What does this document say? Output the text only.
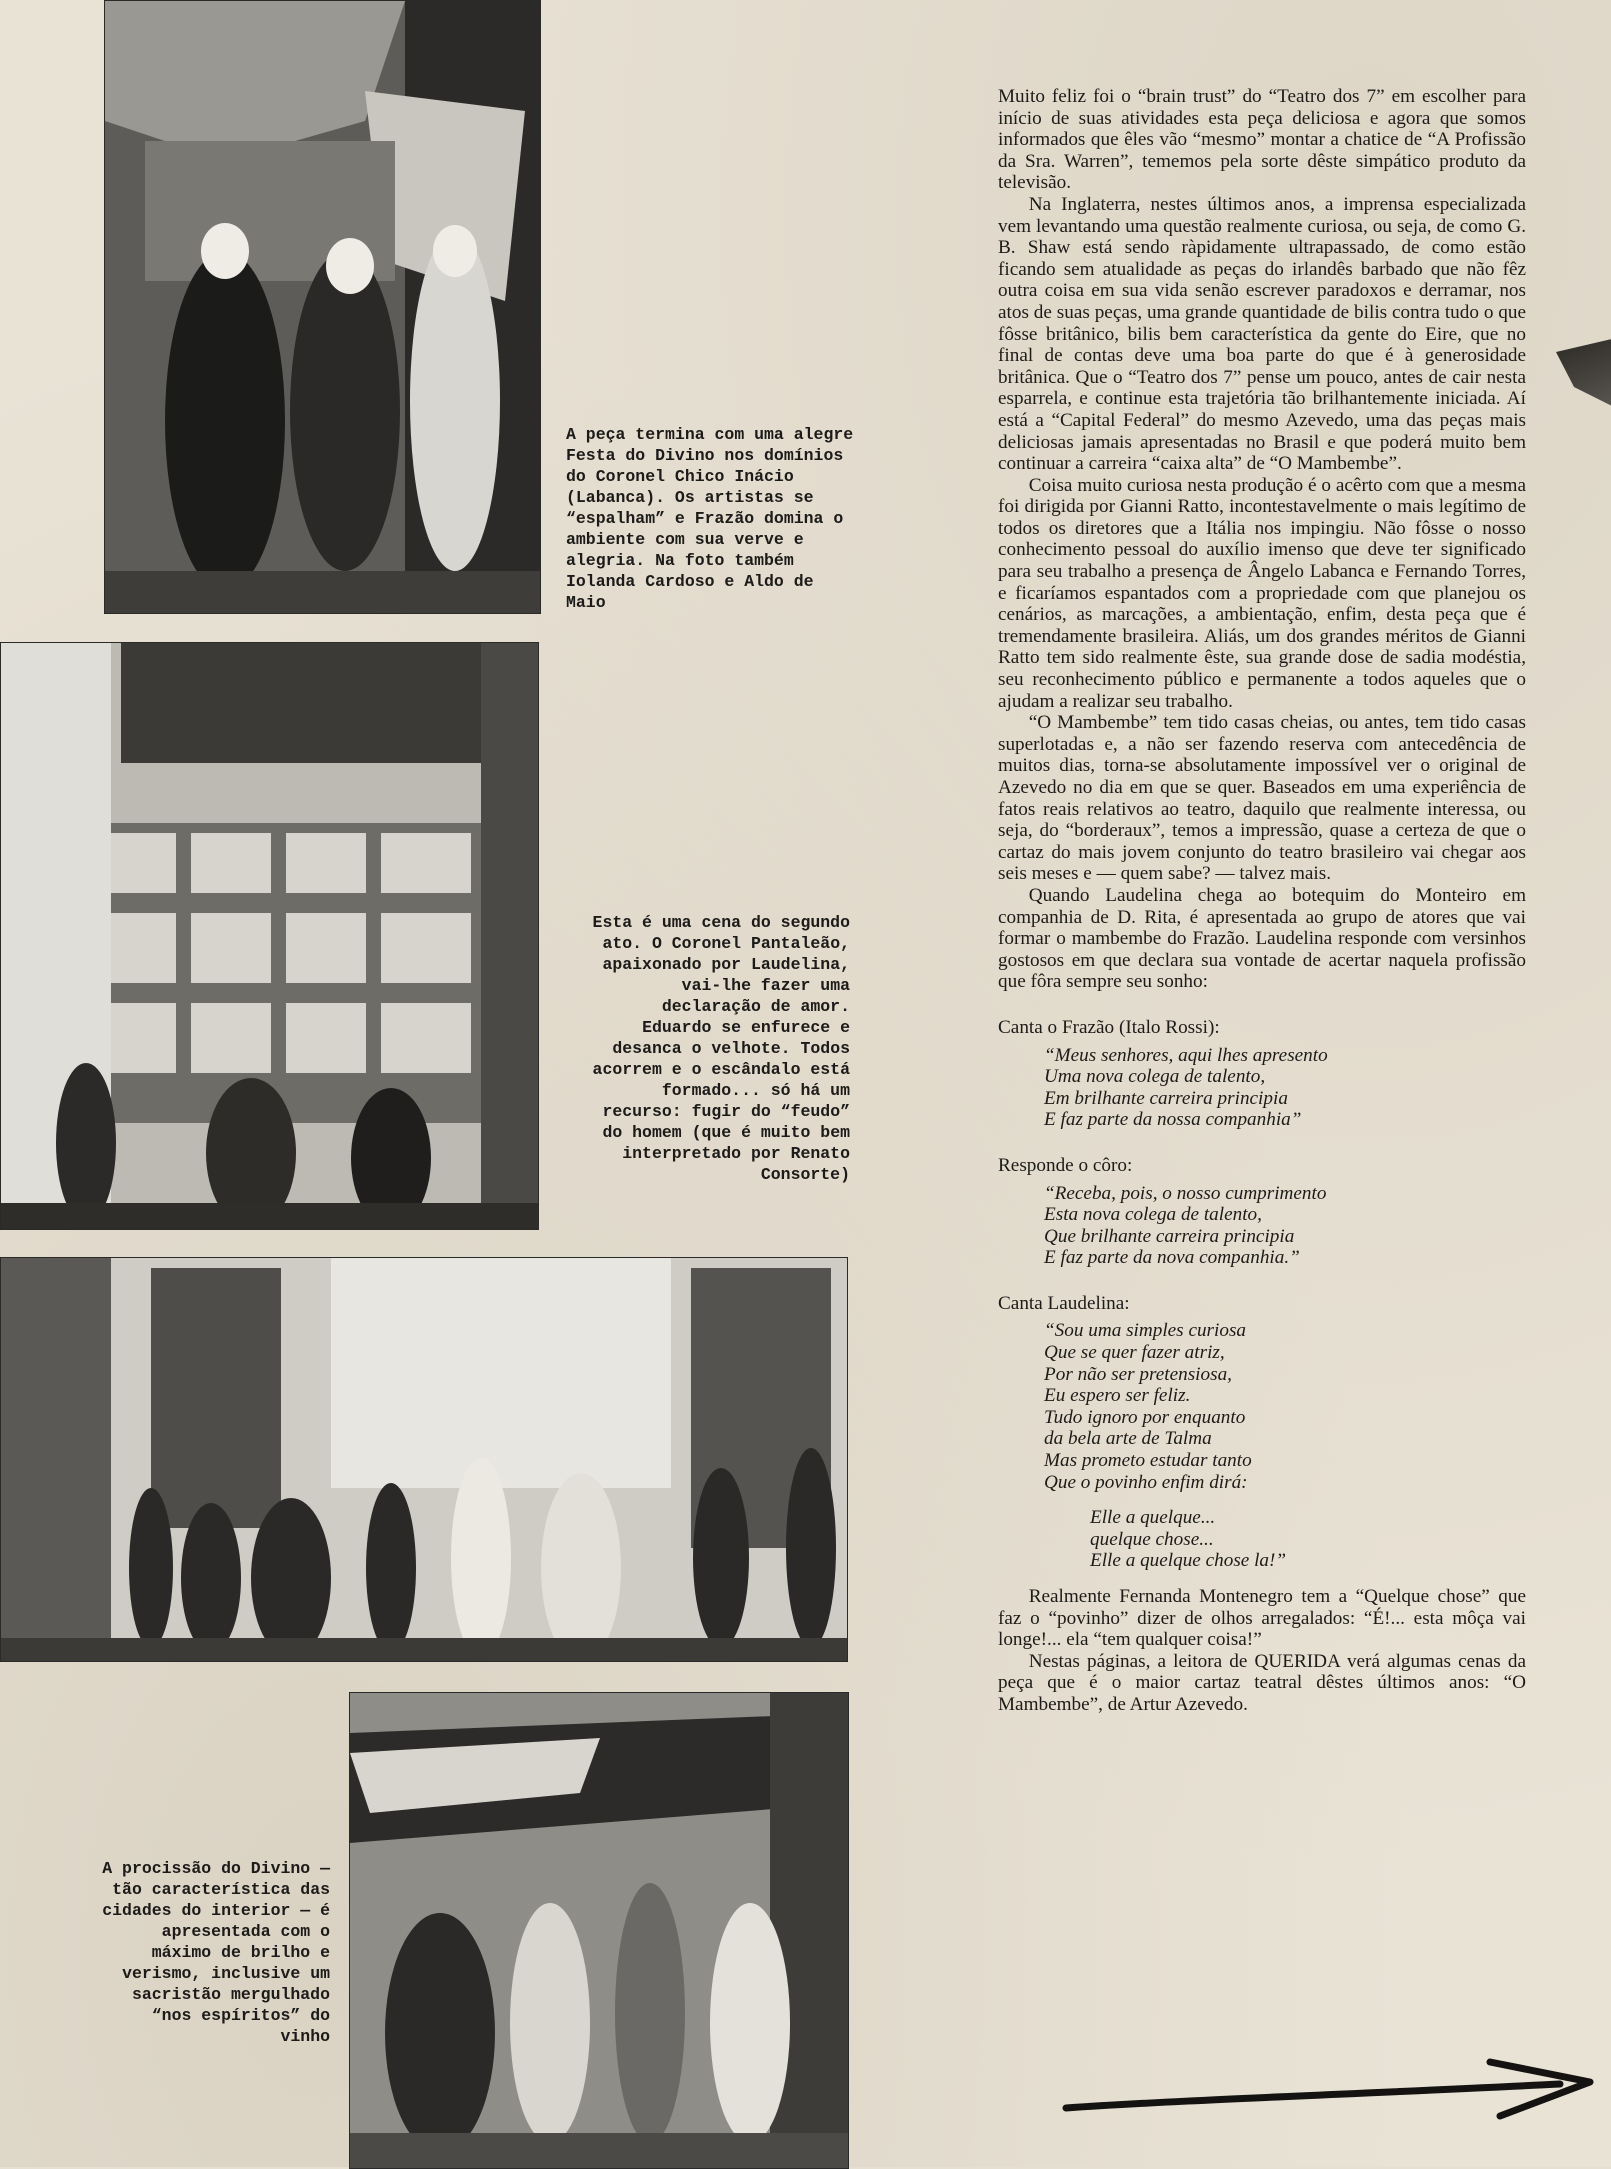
A peça termina com uma alegre Festa do Divino nos domínios do Coronel Chico Inácio (Labanca). Os artistas se “espalham” e Frazão domina o ambiente com sua verve e alegria. Na foto também Iolanda Cardoso e Aldo de Maio

Esta é uma cena do segundo ato. O Coronel Pantaleão, apaixonado por Laudelina, vai-lhe fazer uma declaração de amor. Eduardo se enfurece e desanca o velhote. Todos acorrem e o escândalo está formado... só há um recurso: fugir do “feudo” do homem (que é muito bem interpretado por Renato Consorte)

A procissão do Divino — tão característica das cidades do interior — é apresentada com o máximo de brilho e verismo, inclusive um sacristão mergulhado “nos espíritos” do vinho

Muito feliz foi o “brain trust” do “Teatro dos 7” em escolher para início de suas atividades esta peça deliciosa e agora que somos informados que êles vão “mesmo” montar a chatice de “A Profissão da Sra. Warren”, tememos pela sorte dêste simpático produto da televisão.

Na Inglaterra, nestes últimos anos, a imprensa especializada vem levantando uma questão realmente curiosa, ou seja, de como G. B. Shaw está sendo ràpidamente ultrapassado, de como estão ficando sem atualidade as peças do irlandês barbado que não fêz outra coisa em sua vida senão escrever paradoxos e derramar, nos atos de suas peças, uma grande quantidade de bilis contra tudo o que fôsse britânico, bilis bem característica da gente do Eire, que no final de contas deve uma boa parte do que é à generosidade britânica. Que o “Teatro dos 7” pense um pouco, antes de cair nesta esparrela, e continue esta trajetória tão brilhantemente iniciada. Aí está a “Capital Federal” do mesmo Azevedo, uma das peças mais deliciosas jamais apresentadas no Brasil e que poderá muito bem continuar a carreira “caixa alta” de “O Mambembe”.

Coisa muito curiosa nesta produção é o acêrto com que a mesma foi dirigida por Gianni Ratto, incontestavelmente o mais legítimo de todos os diretores que a Itália nos impingiu. Não fôsse o nosso conhecimento pessoal do auxílio imenso que deve ter significado para seu trabalho a presença de Ângelo Labanca e Fernando Torres, e ficaríamos espantados com a propriedade com que planejou os cenários, as marcações, a ambientação, enfim, desta peça que é tremendamente brasileira. Aliás, um dos grandes méritos de Gianni Ratto tem sido realmente êste, sua grande dose de sadia modéstia, seu reconhecimento público e permanente a todos aqueles que o ajudam a realizar seu trabalho.

“O Mambembe” tem tido casas cheias, ou antes, tem tido casas superlotadas e, a não ser fazendo reserva com antecedência de muitos dias, torna-se absolutamente impossível ver o original de Azevedo no dia em que se quer. Baseados em uma experiência de fatos reais relativos ao teatro, daquilo que realmente interessa, ou seja, do “borderaux”, temos a impressão, quase a certeza de que o cartaz do mais jovem conjunto do teatro brasileiro vai chegar aos seis meses e — quem sabe? — talvez mais.

Quando Laudelina chega ao botequim do Monteiro em companhia de D. Rita, é apresentada ao grupo de atores que vai formar o mambembe do Frazão. Laudelina responde com versinhos gostosos em que declara sua vontade de acertar naquela profissão que fôra sempre seu sonho:

Canta o Frazão (Italo Rossi):

“Meus senhores, aqui lhes apresento
Uma nova colega de talento,
Em brilhante carreira principia
E faz parte da nossa companhia”

Responde o côro:

“Receba, pois, o nosso cumprimento
Esta nova colega de talento,
Que brilhante carreira principia
E faz parte da nova companhia.”

Canta Laudelina:

“Sou uma simples curiosa
Que se quer fazer atriz,
Por não ser pretensiosa,
Eu espero ser feliz.
Tudo ignoro por enquanto
da bela arte de Talma
Mas prometo estudar tanto
Que o povinho enfim dirá:

Elle a quelque...
quelque chose...
Elle a quelque chose la!”

Realmente Fernanda Montenegro tem a “Quelque chose” que faz o “povinho” dizer de olhos arregalados: “É!... esta môça vai longe!... ela “tem qualquer coisa!”

Nestas páginas, a leitora de QUERIDA verá algumas cenas da peça que é o maior cartaz teatral dêstes últimos anos: “O Mambembe”, de Artur Azevedo.
